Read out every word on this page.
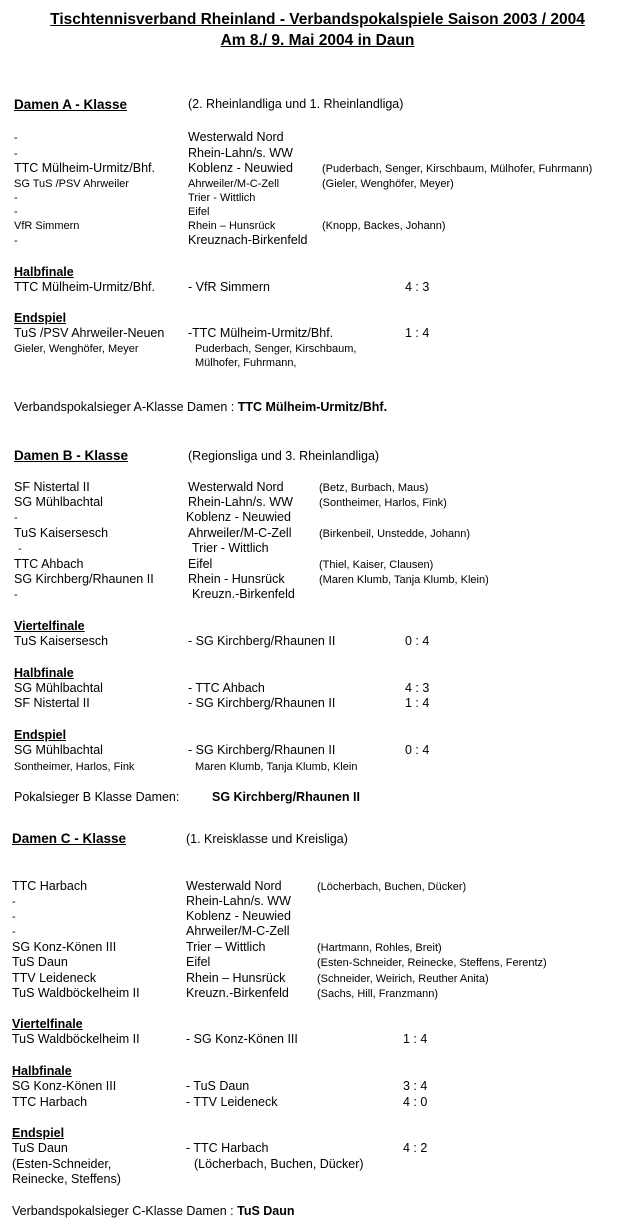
Tischtennisverband Rheinland - Verbandspokalspiele Saison 2003 / 2004
Am 8./ 9. Mai 2004 in Daun
Damen A - Klasse	(2. Rheinlandliga und 1. Rheinlandliga)
-	Westerwald Nord
-	Rhein-Lahn/s. WW
TTC Mülheim-Urmitz/Bhf.	Koblenz - Neuwied	(Puderbach, Senger, Kirschbaum, Mülhofer, Fuhrmann)
SG TuS /PSV Ahrweiler	Ahrweiler/M-C-Zell	(Gieler, Wenghöfer, Meyer)
-	Trier - Wittlich
-	Eifel
VfR Simmern	Rhein – Hunsrück	(Knopp, Backes, Johann)
-	Kreuznach-Birkenfeld
Halbfinale
TTC Mülheim-Urmitz/Bhf.	- VfR Simmern	4 : 3
Endspiel
TuS /PSV Ahrweiler-Neuen -TTC Mülheim-Urmitz/Bhf.	1 : 4
Gieler, Wenghöfer, Meyer	Puderbach, Senger, Kirschbaum,
Mülhofer, Fuhrmann,
Verbandspokalsieger A-Klasse Damen : TTC Mülheim-Urmitz/Bhf.
Damen B - Klasse	(Regionsliga und 3. Rheinlandliga)
SF Nistertal II	Westerwald Nord	(Betz, Burbach, Maus)
SG Mühlbachtal	Rhein-Lahn/s. WW (Sontheimer, Harlos, Fink)
-	Koblenz - Neuwied
TuS Kaisersesch	Ahrweiler/M-C-Zell	(Birkenbeil, Unstedde, Johann)
-	Trier - Wittlich
TTC Ahbach	Eifel	(Thiel, Kaiser, Clausen)
SG Kirchberg/Rhaunen II	Rhein - Hunsrück	(Maren Klumb, Tanja Klumb, Klein)
-	Kreuzn.-Birkenfeld
Viertelfinale
TuS Kaisersesch	- SG Kirchberg/Rhaunen II	0 : 4
Halbfinale
SG Mühlbachtal	- TTC Ahbach	4 : 3
SF Nistertal II	- SG Kirchberg/Rhaunen II	1 : 4
Endspiel
SG Mühlbachtal	- SG Kirchberg/Rhaunen II	0 : 4
Sontheimer, Harlos, Fink	Maren Klumb, Tanja Klumb, Klein
Pokalsieger B Klasse Damen:	SG Kirchberg/Rhaunen II
Damen C - Klasse	(1. Kreisklasse und Kreisliga)
TTC Harbach	Westerwald Nord	(Löcherbach, Buchen, Dücker)
-	Rhein-Lahn/s. WW
-	Koblenz - Neuwied
-	Ahrweiler/M-C-Zell
SG Konz-Könen III	Trier – Wittlich	(Hartmann, Rohles, Breit)
TuS Daun	Eifel	(Esten-Schneider, Reinecke, Steffens, Ferentz)
TTV Leideneck	Rhein – Hunsrück	(Schneider, Weirich, Reuther Anita)
TuS Waldböckelheim II	Kreuzn.-Birkenfeld	(Sachs, Hill, Franzmann)
Viertelfinale
TuS Waldböckelheim II	- SG Konz-Könen III	1 : 4
Halbfinale
SG Konz-Könen III	- TuS Daun	3 : 4
TTC Harbach	- TTV Leideneck	4 : 0
Endspiel
TuS Daun	- TTC Harbach	4 : 2
(Esten-Schneider,	(Löcherbach, Buchen, Dücker)
Reinecke, Steffens)
Verbandspokalsieger C-Klasse Damen : TuS Daun
